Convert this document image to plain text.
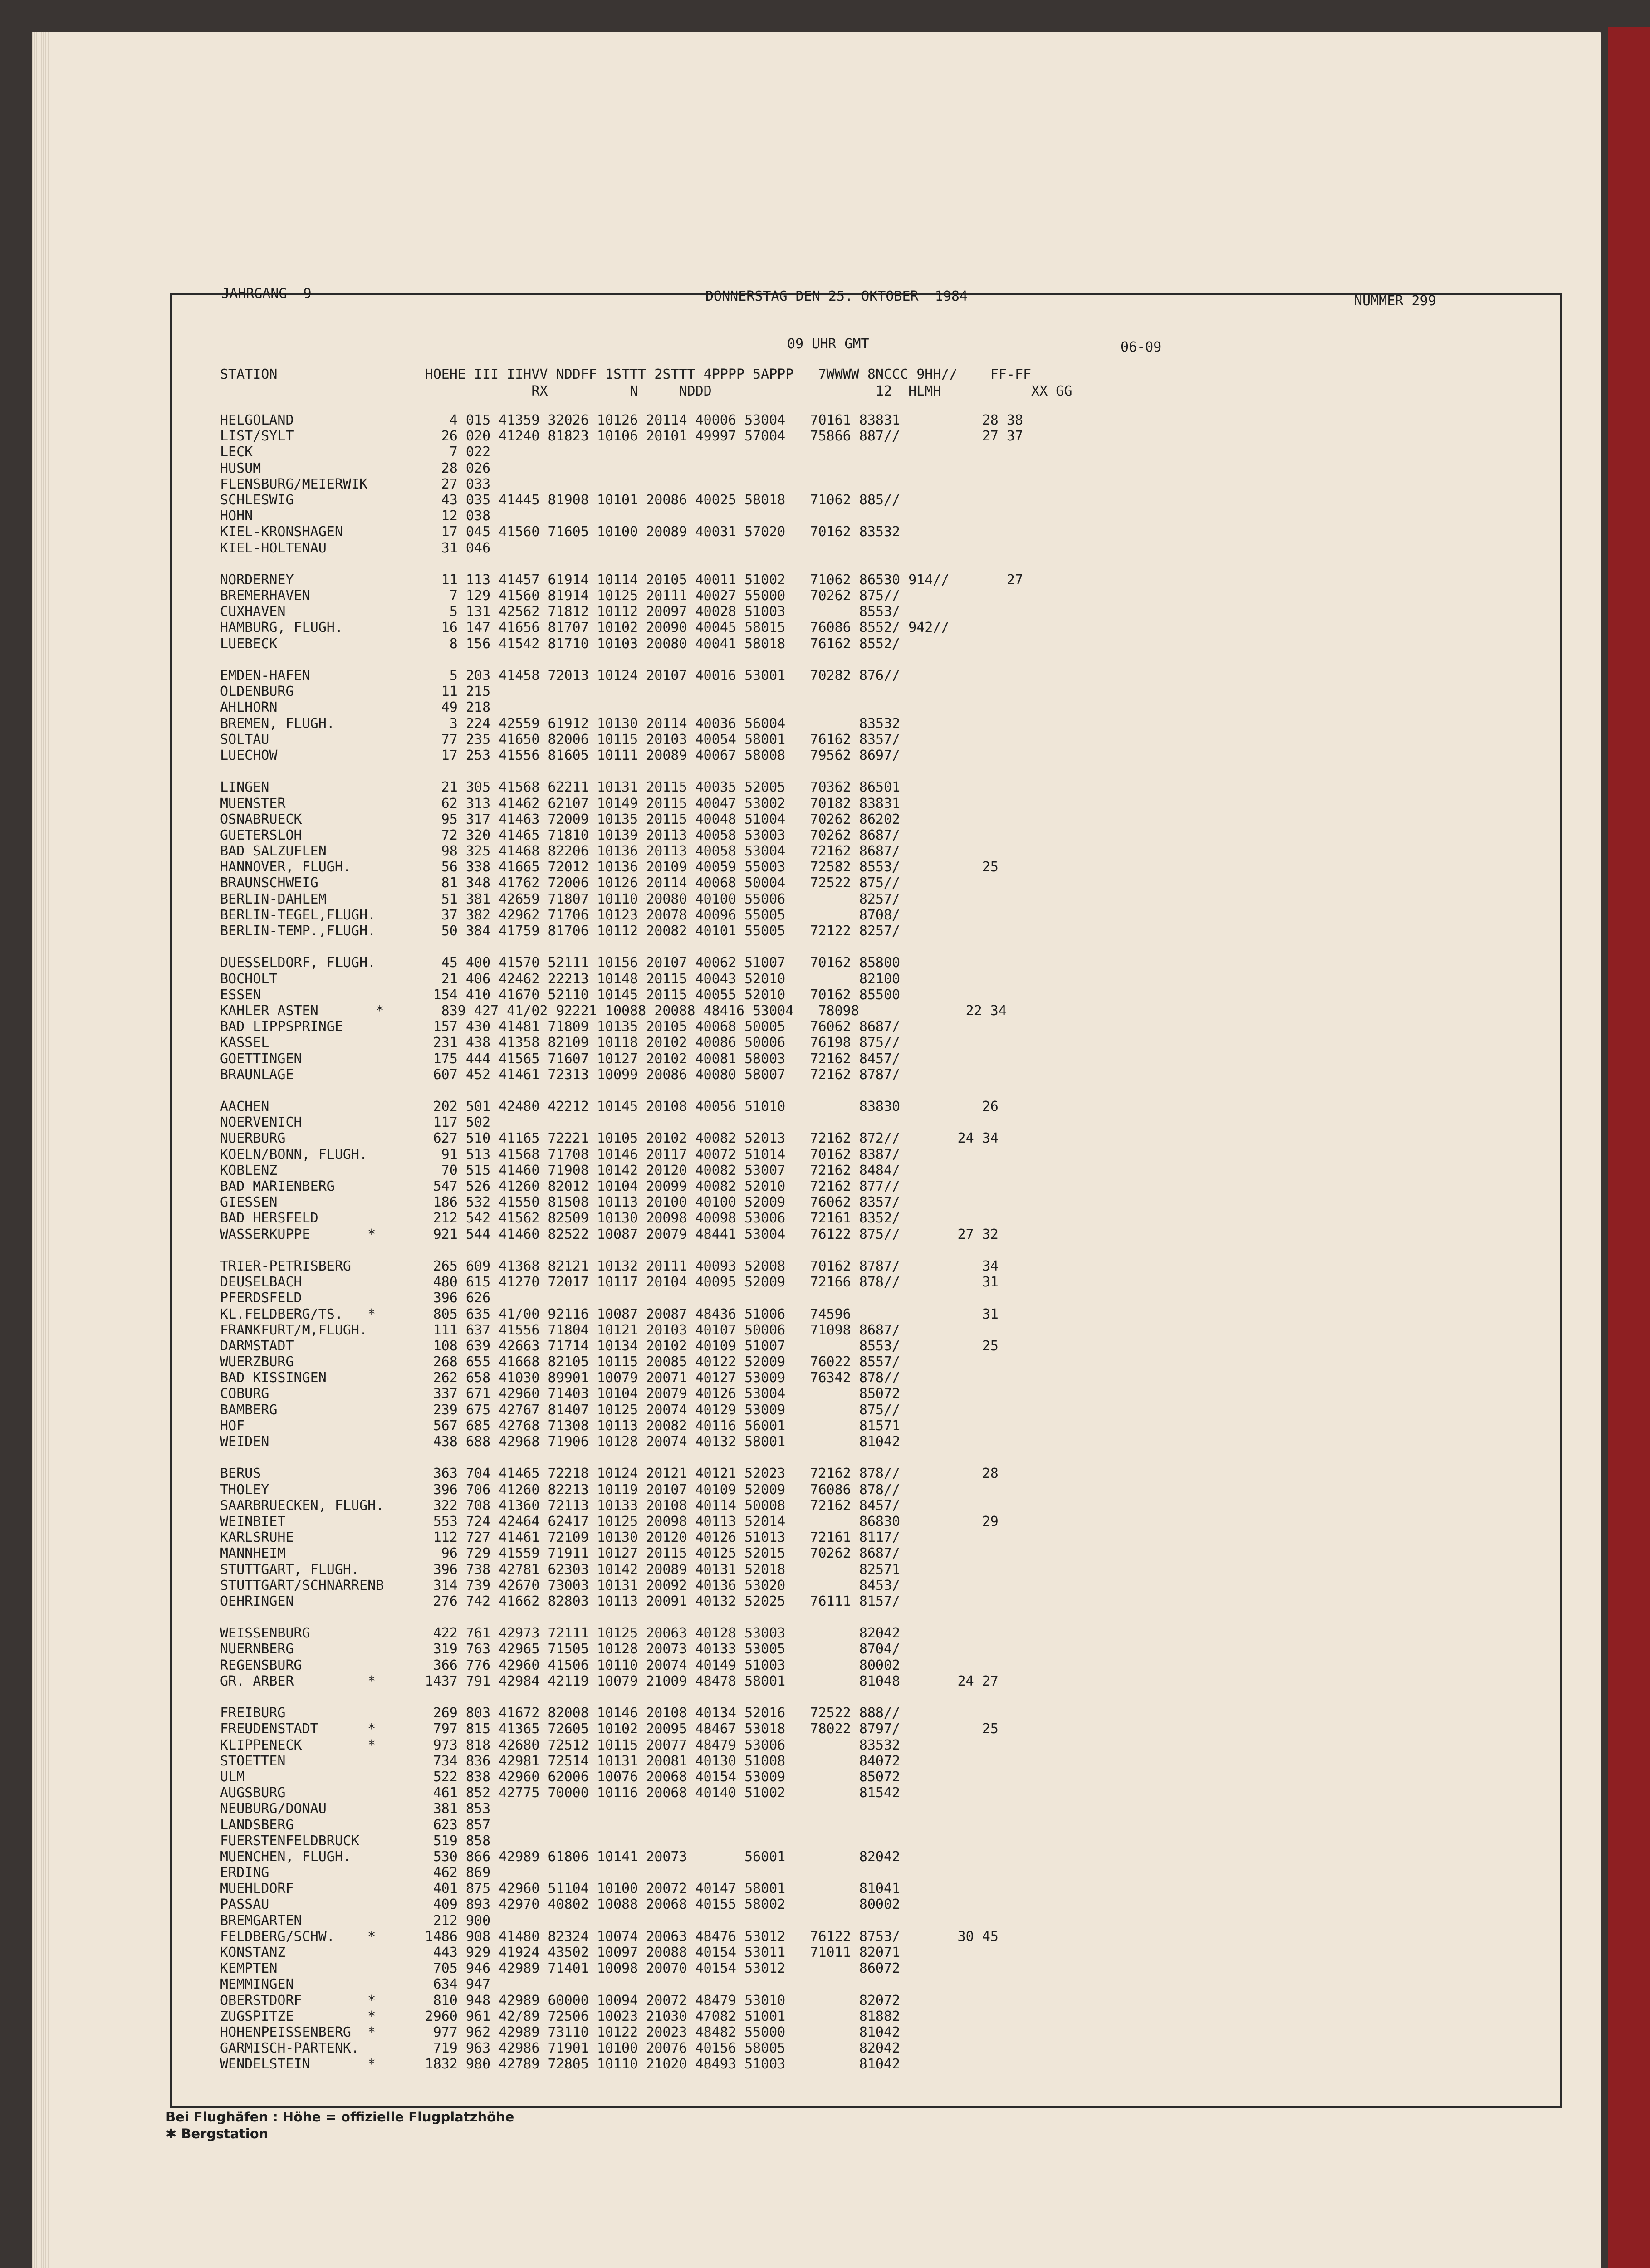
JAHRGANG  9	DONNERSTAG DEN 25. OKTOBER  1984	NUMMER 299
09 UHR GMT	06-09
STATION                  HOEHE III IIHVV NDDFF 1STTT 2STTT 4PPPP 5APPP   7WWWW 8NCCC 9HH//    FF-FF
RX          N     NDDD                    12  HLMH           XX GG
HELGOLAND                   4 015 41359 32026 10126 20114 40006 53004   70161 83831          28 38
LIST/SYLT                  26 020 41240 81823 10106 20101 49997 57004   75866 887//          27 37
LECK                        7 022
HUSUM                      28 026
FLENSBURG/MEIERWIK         27 033
SCHLESWIG                  43 035 41445 81908 10101 20086 40025 58018   71062 885//
HOHN                       12 038
KIEL-KRONSHAGEN            17 045 41560 71605 10100 20089 40031 57020   70162 83532
KIEL-HOLTENAU              31 046
NORDERNEY                  11 113 41457 61914 10114 20105 40011 51002   71062 86530 914//       27
BREMERHAVEN                 7 129 41560 81914 10125 20111 40027 55000   70262 875//
CUXHAVEN                    5 131 42562 71812 10112 20097 40028 51003         8553/
HAMBURG, FLUGH.            16 147 41656 81707 10102 20090 40045 58015   76086 8552/ 942//
LUEBECK                     8 156 41542 81710 10103 20080 40041 58018   76162 8552/
EMDEN-HAFEN                 5 203 41458 72013 10124 20107 40016 53001   70282 876//
OLDENBURG                  11 215
AHLHORN                    49 218
BREMEN, FLUGH.              3 224 42559 61912 10130 20114 40036 56004         83532
SOLTAU                     77 235 41650 82006 10115 20103 40054 58001   76162 8357/
LUECHOW                    17 253 41556 81605 10111 20089 40067 58008   79562 8697/
LINGEN                     21 305 41568 62211 10131 20115 40035 52005   70362 86501
MUENSTER                   62 313 41462 62107 10149 20115 40047 53002   70182 83831
OSNABRUECK                 95 317 41463 72009 10135 20115 40048 51004   70262 86202
GUETERSLOH                 72 320 41465 71810 10139 20113 40058 53003   70262 8687/
BAD SALZUFLEN              98 325 41468 82206 10136 20113 40058 53004   72162 8687/
HANNOVER, FLUGH.           56 338 41665 72012 10136 20109 40059 55003   72582 8553/          25
BRAUNSCHWEIG               81 348 41762 72006 10126 20114 40068 50004   72522 875//
BERLIN-DAHLEM              51 381 42659 71807 10110 20080 40100 55006         8257/
BERLIN-TEGEL,FLUGH.        37 382 42962 71706 10123 20078 40096 55005         8708/
BERLIN-TEMP.,FLUGH.        50 384 41759 81706 10112 20082 40101 55005   72122 8257/
DUESSELDORF, FLUGH.        45 400 41570 52111 10156 20107 40062 51007   70162 85800
BOCHOLT                    21 406 42462 22213 10148 20115 40043 52010         82100
ESSEN                     154 410 41670 52110 10145 20115 40055 52010   70162 85500
KAHLER ASTEN       *       839 427 41/02 92221 10088 20088 48416 53004   78098             22 34
BAD LIPPSPRINGE           157 430 41481 71809 10135 20105 40068 50005   76062 8687/
KASSEL                    231 438 41358 82109 10118 20102 40086 50006   76198 875//
GOETTINGEN                175 444 41565 71607 10127 20102 40081 58003   72162 8457/
BRAUNLAGE                 607 452 41461 72313 10099 20086 40080 58007   72162 8787/
AACHEN                    202 501 42480 42212 10145 20108 40056 51010         83830          26
NOERVENICH                117 502
NUERBURG                  627 510 41165 72221 10105 20102 40082 52013   72162 872//       24 34
KOELN/BONN, FLUGH.         91 513 41568 71708 10146 20117 40072 51014   70162 8387/
KOBLENZ                    70 515 41460 71908 10142 20120 40082 53007   72162 8484/
BAD MARIENBERG            547 526 41260 82012 10104 20099 40082 52010   72162 877//
GIESSEN                   186 532 41550 81508 10113 20100 40100 52009   76062 8357/
BAD HERSFELD              212 542 41562 82509 10130 20098 40098 53006   72161 8352/
WASSERKUPPE       *       921 544 41460 82522 10087 20079 48441 53004   76122 875//       27 32
TRIER-PETRISBERG          265 609 41368 82121 10132 20111 40093 52008   70162 8787/          34
DEUSELBACH                480 615 41270 72017 10117 20104 40095 52009   72166 878//          31
PFERDSFELD                396 626
KL.FELDBERG/TS.   *       805 635 41/00 92116 10087 20087 48436 51006   74596                31
FRANKFURT/M,FLUGH.        111 637 41556 71804 10121 20103 40107 50006   71098 8687/
DARMSTADT                 108 639 42663 71714 10134 20102 40109 51007         8553/          25
WUERZBURG                 268 655 41668 82105 10115 20085 40122 52009   76022 8557/
BAD KISSINGEN             262 658 41030 89901 10079 20071 40127 53009   76342 878//
COBURG                    337 671 42960 71403 10104 20079 40126 53004         85072
BAMBERG                   239 675 42767 81407 10125 20074 40129 53009         875//
HOF                       567 685 42768 71308 10113 20082 40116 56001         81571
WEIDEN                    438 688 42968 71906 10128 20074 40132 58001         81042
BERUS                     363 704 41465 72218 10124 20121 40121 52023   72162 878//          28
THOLEY                    396 706 41260 82213 10119 20107 40109 52009   76086 878//
SAARBRUECKEN, FLUGH.      322 708 41360 72113 10133 20108 40114 50008   72162 8457/
WEINBIET                  553 724 42464 62417 10125 20098 40113 52014         86830          29
KARLSRUHE                 112 727 41461 72109 10130 20120 40126 51013   72161 8117/
MANNHEIM                   96 729 41559 71911 10127 20115 40125 52015   70262 8687/
STUTTGART, FLUGH.         396 738 42781 62303 10142 20089 40131 52018         82571
STUTTGART/SCHNARRENB      314 739 42670 73003 10131 20092 40136 53020         8453/
OEHRINGEN                 276 742 41662 82803 10113 20091 40132 52025   76111 8157/
WEISSENBURG               422 761 42973 72111 10125 20063 40128 53003         82042
NUERNBERG                 319 763 42965 71505 10128 20073 40133 53005         8704/
REGENSBURG                366 776 42960 41506 10110 20074 40149 51003         80002
GR. ARBER         *      1437 791 42984 42119 10079 21009 48478 58001         81048       24 27
FREIBURG                  269 803 41672 82008 10146 20108 40134 52016   72522 888//
FREUDENSTADT      *       797 815 41365 72605 10102 20095 48467 53018   78022 8797/          25
KLIPPENECK        *       973 818 42680 72512 10115 20077 48479 53006         83532
STOETTEN                  734 836 42981 72514 10131 20081 40130 51008         84072
ULM                       522 838 42960 62006 10076 20068 40154 53009         85072
AUGSBURG                  461 852 42775 70000 10116 20068 40140 51002         81542
NEUBURG/DONAU             381 853
LANDSBERG                 623 857
FUERSTENFELDBRUCK         519 858
MUENCHEN, FLUGH.          530 866 42989 61806 10141 20073       56001         82042
ERDING                    462 869
MUEHLDORF                 401 875 42960 51104 10100 20072 40147 58001         81041
PASSAU                    409 893 42970 40802 10088 20068 40155 58002         80002
BREMGARTEN                212 900
FELDBERG/SCHW.    *      1486 908 41480 82324 10074 20063 48476 53012   76122 8753/       30 45
KONSTANZ                  443 929 41924 43502 10097 20088 40154 53011   71011 82071
KEMPTEN                   705 946 42989 71401 10098 20070 40154 53012         86072
MEMMINGEN                 634 947
OBERSTDORF        *       810 948 42989 60000 10094 20072 48479 53010         82072
ZUGSPITZE         *      2960 961 42/89 72506 10023 21030 47082 51001         81882
HOHENPEISSENBERG  *       977 962 42989 73110 10122 20023 48482 55000         81042
GARMISCH-PARTENK.         719 963 42986 71901 10100 20076 40156 58005         82042
WENDELSTEIN       *      1832 980 42789 72805 10110 21020 48493 51003         81042
Bei Flughäfen : Höhe = offizielle Flugplatzhöhe
✱ Bergstation
